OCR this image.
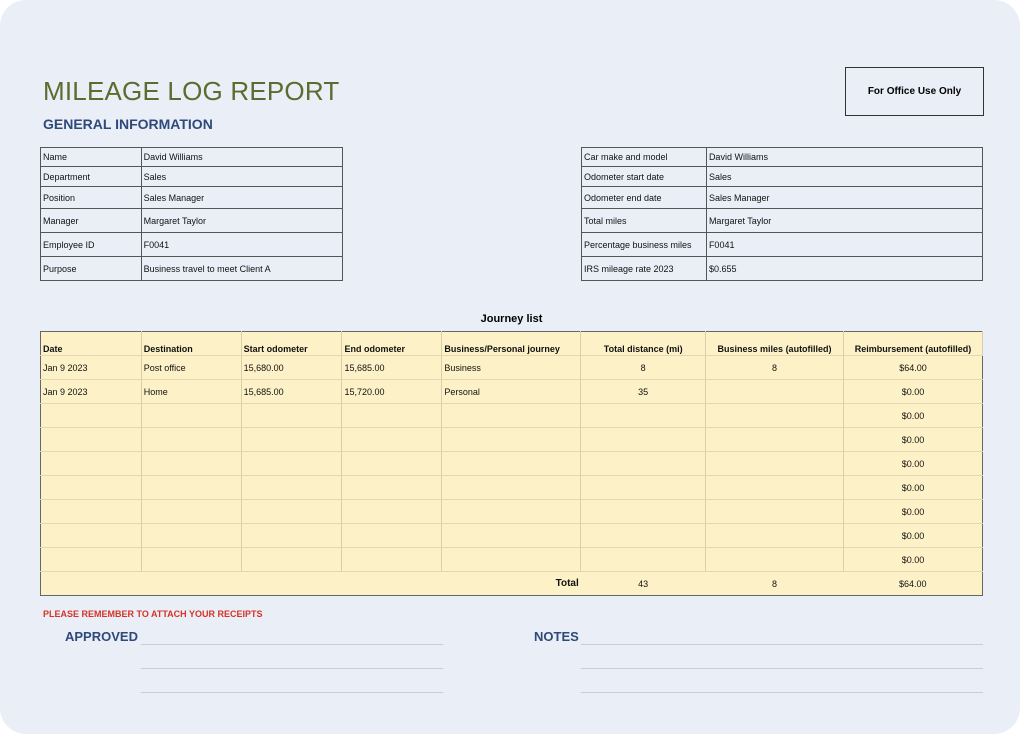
MILEAGE LOG REPORT	For Office Use Only
GENERAL INFORMATION
Name	David Williams
Department	Sales
Position	Sales Manager
Manager	Margaret Taylor
Employee ID	F0041
Purpose	Business travel to meet Client A
Car make and model	David Williams
Odometer start date	Sales
Odometer end date	Sales Manager
Total miles	Margaret Taylor
Percentage business miles	F0041
IRS mileage rate 2023	$0.655
Journey list
Date	Destination	Start odometer	End odometer	Business/Personal journey	Total distance (mi)	Business miles (autofilled)	Reimbursement (autofilled)
Jan 9 2023	Post office	15,680.00	15,685.00	Business	8	8	$64.00
Jan 9 2023	Home	15,685.00	15,720.00	Personal	35		$0.00
							$0.00
							$0.00
							$0.00
							$0.00
							$0.00
							$0.00
							$0.00
				Total	43	8	$64.00
PLEASE REMEMBER TO ATTACH YOUR RECEIPTS
APPROVED	NOTES
